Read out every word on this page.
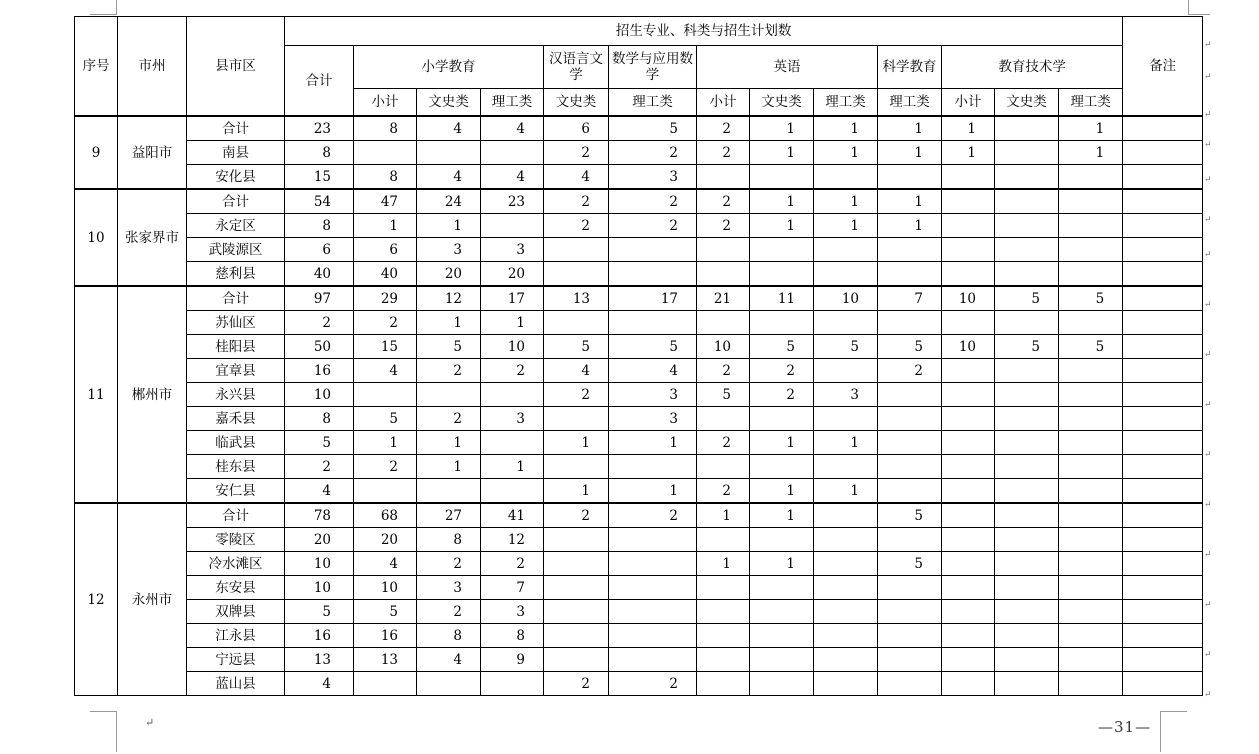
↵
序号	市州	县市区	招生专业、科类与招生计划数													备注
			合计	小学教育			汉语言文学	数学与应用数学	英语			科学教育	教育技术学			
				小计	文史类	理工类	文史类	理工类	小计	文史类	理工类	理工类	小计	文史类	理工类	
9	益阳市	合计	23	8	4	4	6	5	2	1	1	1	1		1	
		南县	8				2	2	2	1	1	1	1		1	
		安化县	15	8	4	4	4	3								
10	张家界市	合计	54	47	24	23	2	2	2	1	1	1				
		永定区	8	1	1		2	2	2	1	1	1				
		武陵源区	6	6	3	3										
		慈利县	40	40	20	20										
11	郴州市	合计	97	29	12	17	13	17	21	11	10	7	10	5	5	
		苏仙区	2	2	1	1										
		桂阳县	50	15	5	10	5	5	10	5	5	5	10	5	5	
		宜章县	16	4	2	2	4	4	2	2		2				
		永兴县	10				2	3	5	2	3					
		嘉禾县	8	5	2	3		3								
		临武县	5	1	1		1	1	2	1	1					
		桂东县	2	2	1	1										
		安仁县	4				1	1	2	1	1					
12	永州市	合计	78	68	27	41	2	2	1	1		5				
		零陵区	20	20	8	12										
		冷水滩区	10	4	2	2			1	1		5				
		东安县	10	10	3	7										
		双牌县	5	5	2	3										
		江永县	16	16	8	8										
		宁远县	13	13	4	9										
		蓝山县	4				2	2								
—31—
↵
↵
↵
↵
↵
↵
↵
↵
↵
↵
↵
↵
↵
↵
↵
↵
